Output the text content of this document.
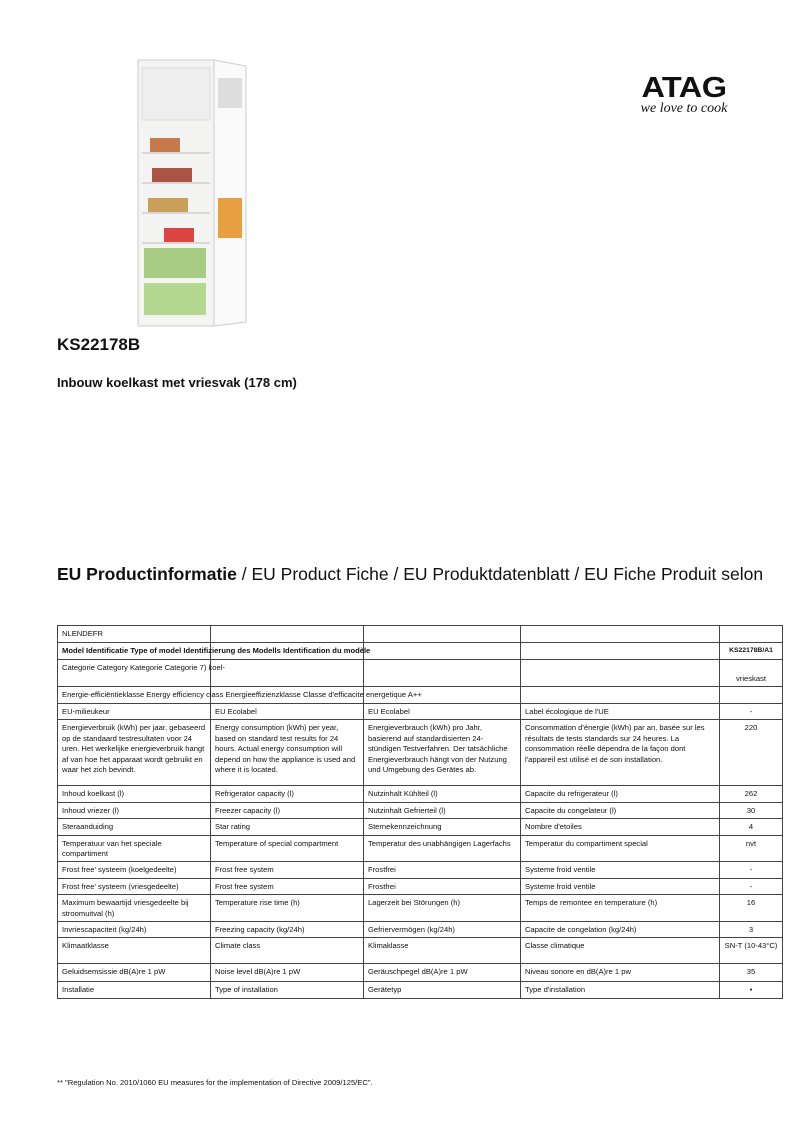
ATAG
we love to cook
KS22178B
Inbouw koelkast met vriesvak (178 cm)
EU Productinformatie / EU Product Fiche / EU Produktdatenblatt / EU Fiche Produit selon
NLENDEFR				
Model Identificatie Type of model Identifizierung des Modells Identification du modèle				KS22178B/A1
Categorie Category Kategorie Categorie 7) koel-				vrieskast
Energie-efficiëntieklasse Energy efficiency class Energieeffizienzklasse Classe d'efficacite energetique A++				
EU-milieukeur	EU Ecolabel	EU Ecolabel	Label écologique de l'UE	-
Energieverbruik (kWh) per jaar, gebaseerd op de standaard testresultaten voor 24 uren. Het werkelijke energieverbruik hangt af van hoe het apparaat wordt gebruikt en waar het zich bevindt.	Energy consumption (kWh) per year, based on standard test results for 24 hours. Actual energy consumption will depend on how the appliance is used and where it is located.	Energieverbrauch (kWh) pro Jahr, basierend auf standardisierten 24-stündigen Testverfahren. Der tatsächliche Energieverbrauch hängt von der Nutzung und Umgebung des Gerätes ab.	Consommation d'énergie (kWh) par an, basée sur les résultats de tests standards sur 24 heures. La consommation réelle dépendra de la façon dont l'appareil est utilisé et de son installation.	220
Inhoud koelkast (l)	Refrigerator capacity (l)	Nutzinhalt Kühlteil (l)	Capacite du refrigerateur (l)	262
Inhoud vriezer (l)	Freezer capacity (l)	Nutzinhalt Gefrierteil (l)	Capacite du congelateur (l)	30
Steraanduiding	Star rating	Sternekennzeichnung	Nombre d'etoiles	4
Temperatuur van het speciale compartiment	Temperature of special compartment	Temperatur des unabhängigen Lagerfachs	Temperatur du compartiment special	nvt
Frost free' systeem (koelgedeelte)	Frost free system	Frostfrei	Systeme froid ventile	-
Frost free' systeem (vriesgedeelte)	Frost free system	Frostfrei	Systeme froid ventile	-
Maximum bewaartijd vriesgedeelte bij stroomuitval (h)	Temperature rise time (h)	Lagerzeit bei Störungen (h)	Temps de remontee en temperature (h)	16
Invriescapaciteit (kg/24h)	Freezing capacity (kg/24h)	Gefriervermögen (kg/24h)	Capacite de congelation (kg/24h)	3
Klimaatklasse	Climate class	Klimaklasse	Classe climatique	SN-T (10-43°C)
Geluidsemsissie dB(A)re 1 pW	Noise level dB(A)re 1 pW	Geräuschpegel dB(A)re 1 pW	Niveau sonore en dB(A)re 1 pw	35
Installatie	Type of installation	Gerätetyp	Type d'installation	•
** "Regulation No. 2010/1060 EU measures for the implementation of Directive 2009/125/EC".
